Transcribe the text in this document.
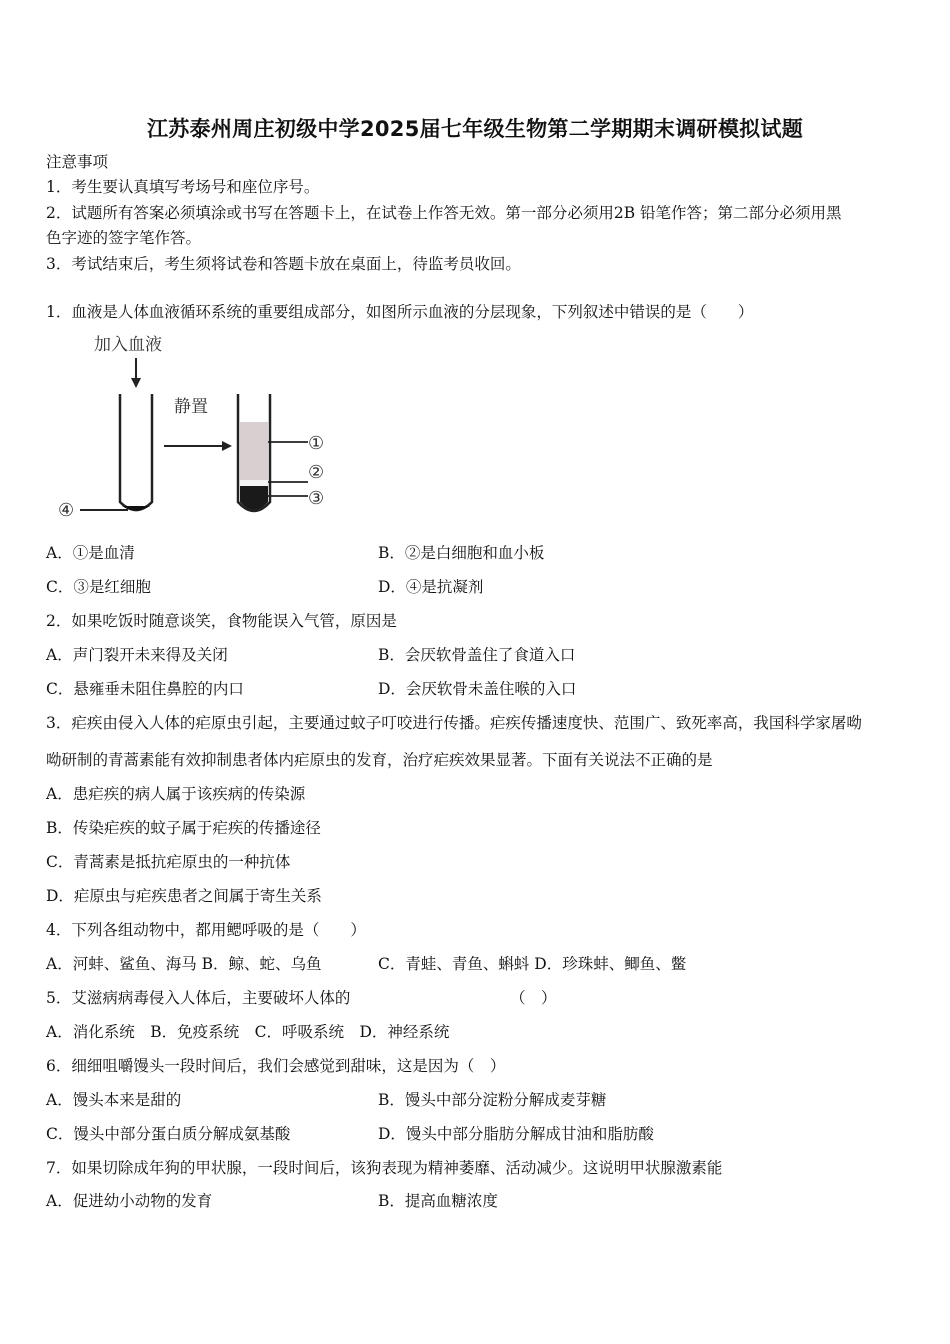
江苏泰州周庄初级中学2025届七年级生物第二学期期末调研模拟试题
注意事项
1．考生要认真填写考场号和座位序号。
2．试题所有答案必须填涂或书写在答题卡上，在试卷上作答无效。第一部分必须用2B 铅笔作答；第二部分必须用黑
色字迹的签字笔作答。
3．考试结束后，考生须将试卷和答题卡放在桌面上，待监考员收回。
1．血液是人体血液循环系统的重要组成部分，如图所示血液的分层现象，下列叙述中错误的是（　　）
加入血液
④
静置
①
②
③
A．①是血清	B．②是白细胞和血小板
C．③是红细胞	D．④是抗凝剂
2．如果吃饭时随意谈笑，食物能误入气管，原因是
A．声门裂开未来得及关闭	B．会厌软骨盖住了食道入口
C．悬雍垂未阻住鼻腔的内口	D．会厌软骨未盖住喉的入口
3．疟疾由侵入人体的疟原虫引起，主要通过蚊子叮咬进行传播。疟疾传播速度快、范围广、致死率高，我国科学家屠呦
呦研制的青蒿素能有效抑制患者体内疟原虫的发育，治疗疟疾效果显著。下面有关说法不正确的是
A．患疟疾的病人属于该疾病的传染源
B．传染疟疾的蚊子属于疟疾的传播途径
C．青蒿素是抵抗疟原虫的一种抗体
D．疟原虫与疟疾患者之间属于寄生关系
4．下列各组动物中，都用鳃呼吸的是（　　）
A．河蚌、鲨鱼、海马 B．鲸、蛇、乌鱼	C．青蛙、青鱼、蝌蚪 D．珍珠蚌、鲫鱼、鳖
5．艾滋病病毒侵入人体后，主要破坏人体的	（　）
A．消化系统　B．免疫系统　C．呼吸系统　D．神经系统
6．细细咀嚼馒头一段时间后，我们会感觉到甜味，这是因为（　）
A．馒头本来是甜的	B．馒头中部分淀粉分解成麦芽糖
C．馒头中部分蛋白质分解成氨基酸	D．馒头中部分脂肪分解成甘油和脂肪酸
7．如果切除成年狗的甲状腺，一段时间后，该狗表现为精神萎靡、活动减少。这说明甲状腺激素能
A．促进幼小动物的发育	B．提高血糖浓度
